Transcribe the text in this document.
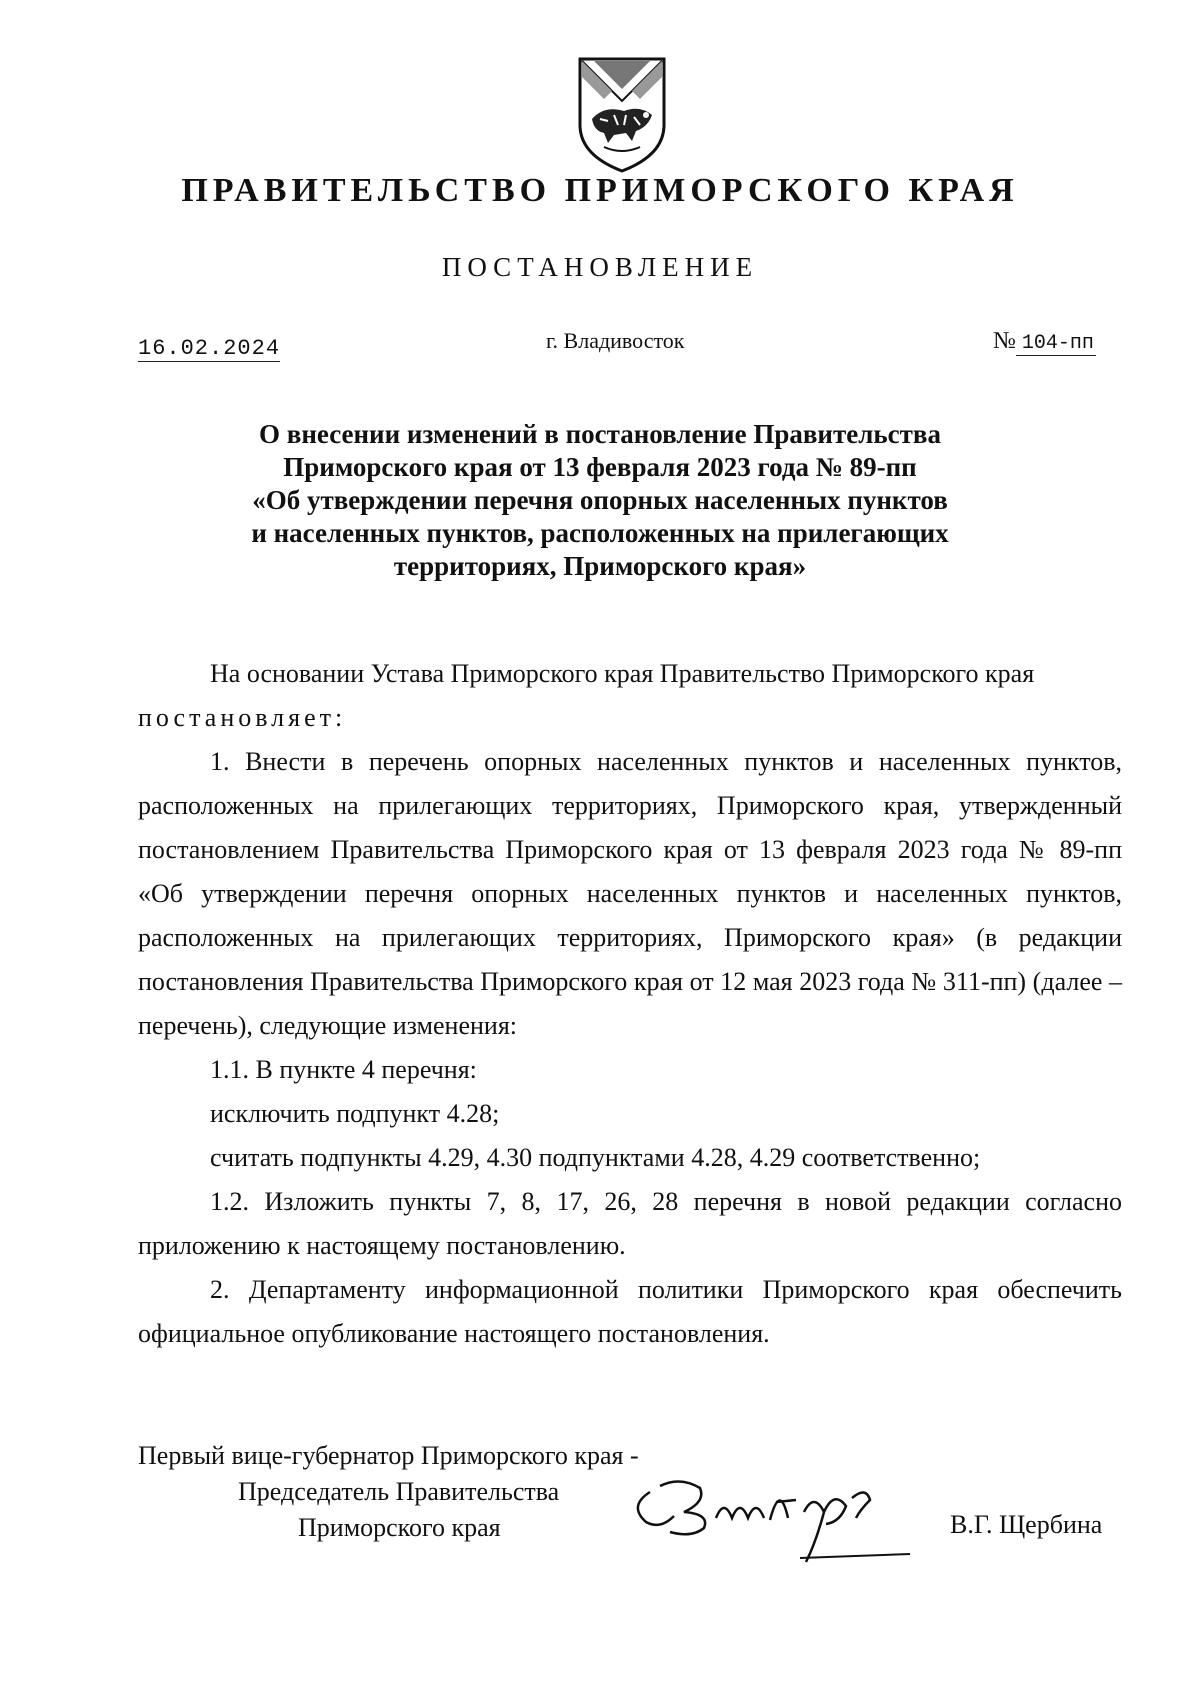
ПРАВИТЕЛЬСТВО ПРИМОРСКОГО КРАЯ
ПОСТАНОВЛЕНИЕ
16.02.2024	г. Владивосток	№ 104-пп
О внесении изменений в постановление Правительства
Приморского края от 13 февраля 2023 года № 89-пп
«Об утверждении перечня опорных населенных пунктов
и населенных пунктов, расположенных на прилегающих
территориях, Приморского края»

На основании Устава Приморского края Правительство Приморского края

постановляет:

1. Внести в перечень опорных населенных пунктов и населенных пунктов, расположенных на прилегающих территориях, Приморского края, утвержденный постановлением Правительства Приморского края от 13 февраля 2023 года № 89-пп «Об утверждении перечня опорных населенных пунктов и населенных пунктов, расположенных на прилегающих территориях, Приморского края» (в редакции постановления Правительства Приморского края от 12 мая 2023 года № 311-пп) (далее – перечень), следующие изменения:

1.1. В пункте 4 перечня:

исключить подпункт 4.28;

считать подпункты 4.29, 4.30 подпунктами 4.28, 4.29 соответственно;

1.2. Изложить пункты 7, 8, 17, 26, 28 перечня в новой редакции согласно приложению к настоящему постановлению.

2. Департаменту информационной политики Приморского края обеспечить официальное опубликование настоящего постановления.

Первый вице-губернатор Приморского края -
Председатель Правительства
Приморского края	В.Г. Щербина
